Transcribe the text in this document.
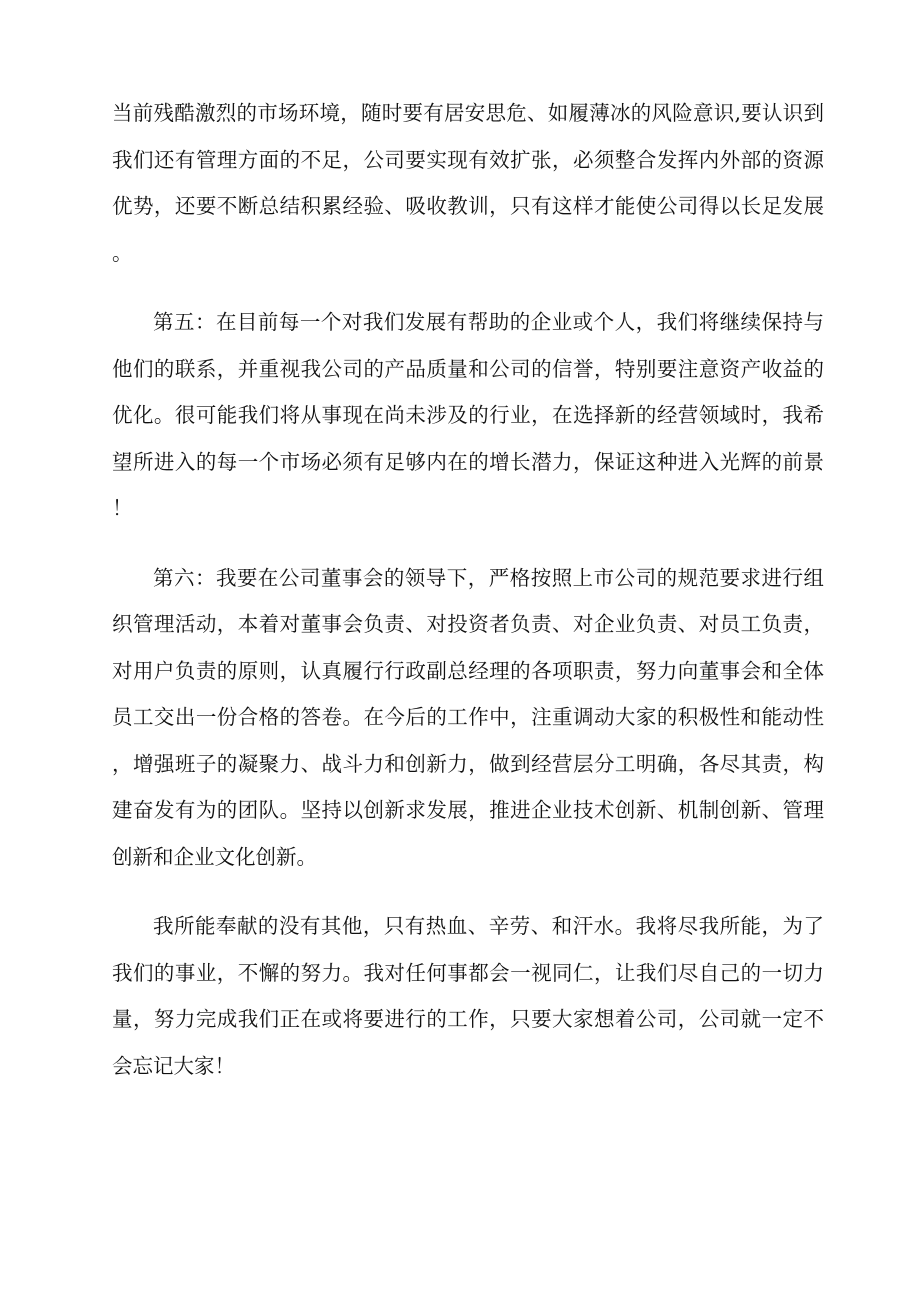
当前残酷激烈的市场环境，随时要有居安思危、如履薄冰的风险意识,要认识到我们还有管理方面的不足，公司要实现有效扩张，必须整合发挥内外部的资源优势，还要不断总结积累经验、吸收教训，只有这样才能使公司得以长足发展。

第五：在目前每一个对我们发展有帮助的企业或个人，我们将继续保持与他们的联系，并重视我公司的产品质量和公司的信誉，特别要注意资产收益的优化。很可能我们将从事现在尚未涉及的行业，在选择新的经营领域时，我希望所进入的每一个市场必须有足够内在的增长潜力，保证这种进入光辉的前景！

第六：我要在公司董事会的领导下，严格按照上市公司的规范要求进行组织管理活动，本着对董事会负责、对投资者负责、对企业负责、对员工负责，对用户负责的原则，认真履行行政副总经理的各项职责，努力向董事会和全体员工交出一份合格的答卷。在今后的工作中，注重调动大家的积极性和能动性，增强班子的凝聚力、战斗力和创新力，做到经营层分工明确，各尽其责，构建奋发有为的团队。坚持以创新求发展，推进企业技术创新、机制创新、管理创新和企业文化创新。

我所能奉献的没有其他，只有热血、辛劳、和汗水。我将尽我所能，为了我们的事业，不懈的努力。我对任何事都会一视同仁，让我们尽自己的一切力量，努力完成我们正在或将要进行的工作，只要大家想着公司，公司就一定不会忘记大家！
